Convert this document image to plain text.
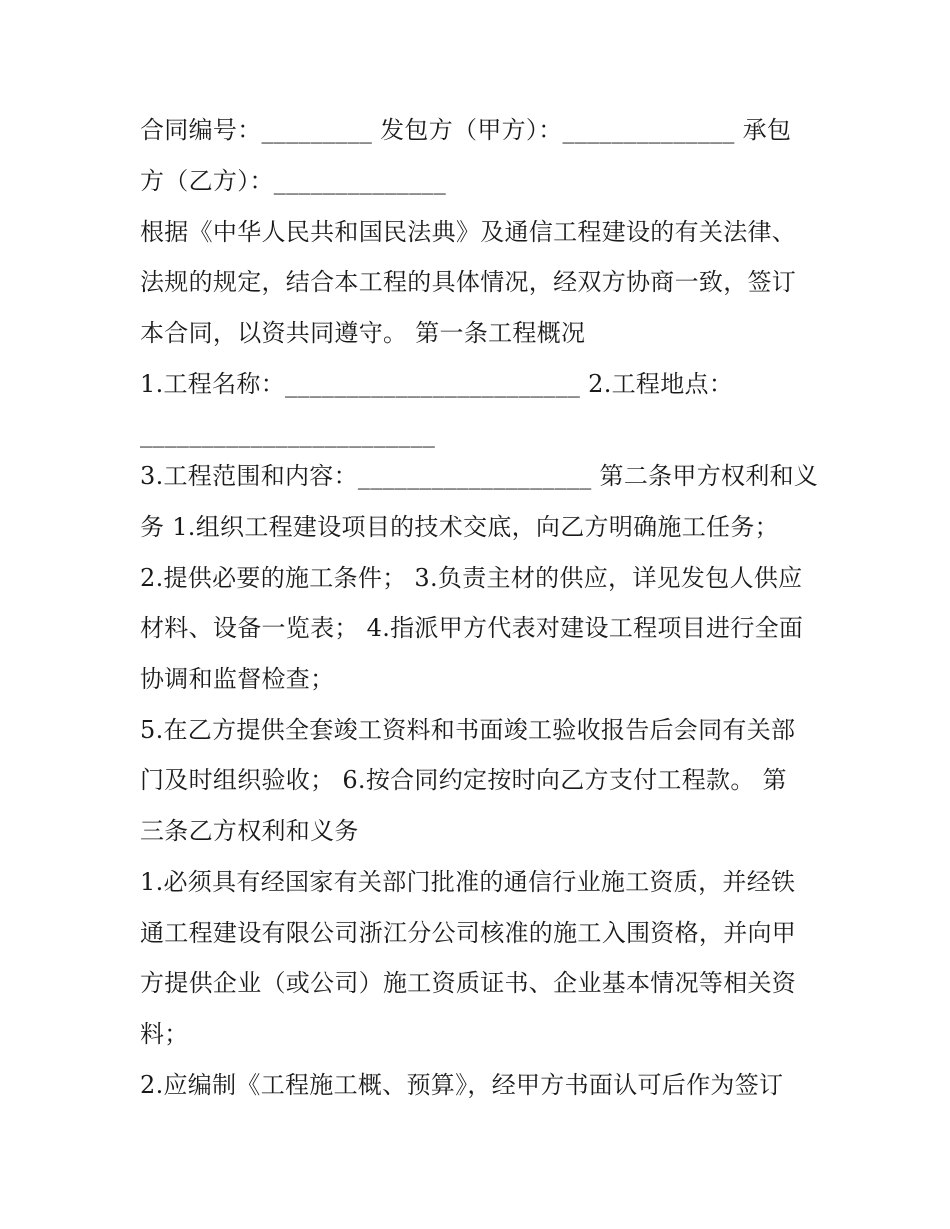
合同编号：_________ 发包方（甲方）：______________ 承包
方（乙方）：______________
根据《中华人民共和国民法典》及通信工程建设的有关法律、
法规的规定，结合本工程的具体情况，经双方协商一致，签订
本合同，以资共同遵守。 第一条工程概况
1.工程名称：________________________ 2.工程地点：
________________________
3.工程范围和内容：___________________ 第二条甲方权利和义
务 1.组织工程建设项目的技术交底，向乙方明确施工任务；
2.提供必要的施工条件； 3.负责主材的供应，详见发包人供应
材料、设备一览表； 4.指派甲方代表对建设工程项目进行全面
协调和监督检查；
5.在乙方提供全套竣工资料和书面竣工验收报告后会同有关部
门及时组织验收； 6.按合同约定按时向乙方支付工程款。 第
三条乙方权利和义务
1.必须具有经国家有关部门批准的通信行业施工资质，并经铁
通工程建设有限公司浙江分公司核准的施工入围资格，并向甲
方提供企业（或公司）施工资质证书、企业基本情况等相关资
料；
2.应编制《工程施工概、预算》，经甲方书面认可后作为签订
